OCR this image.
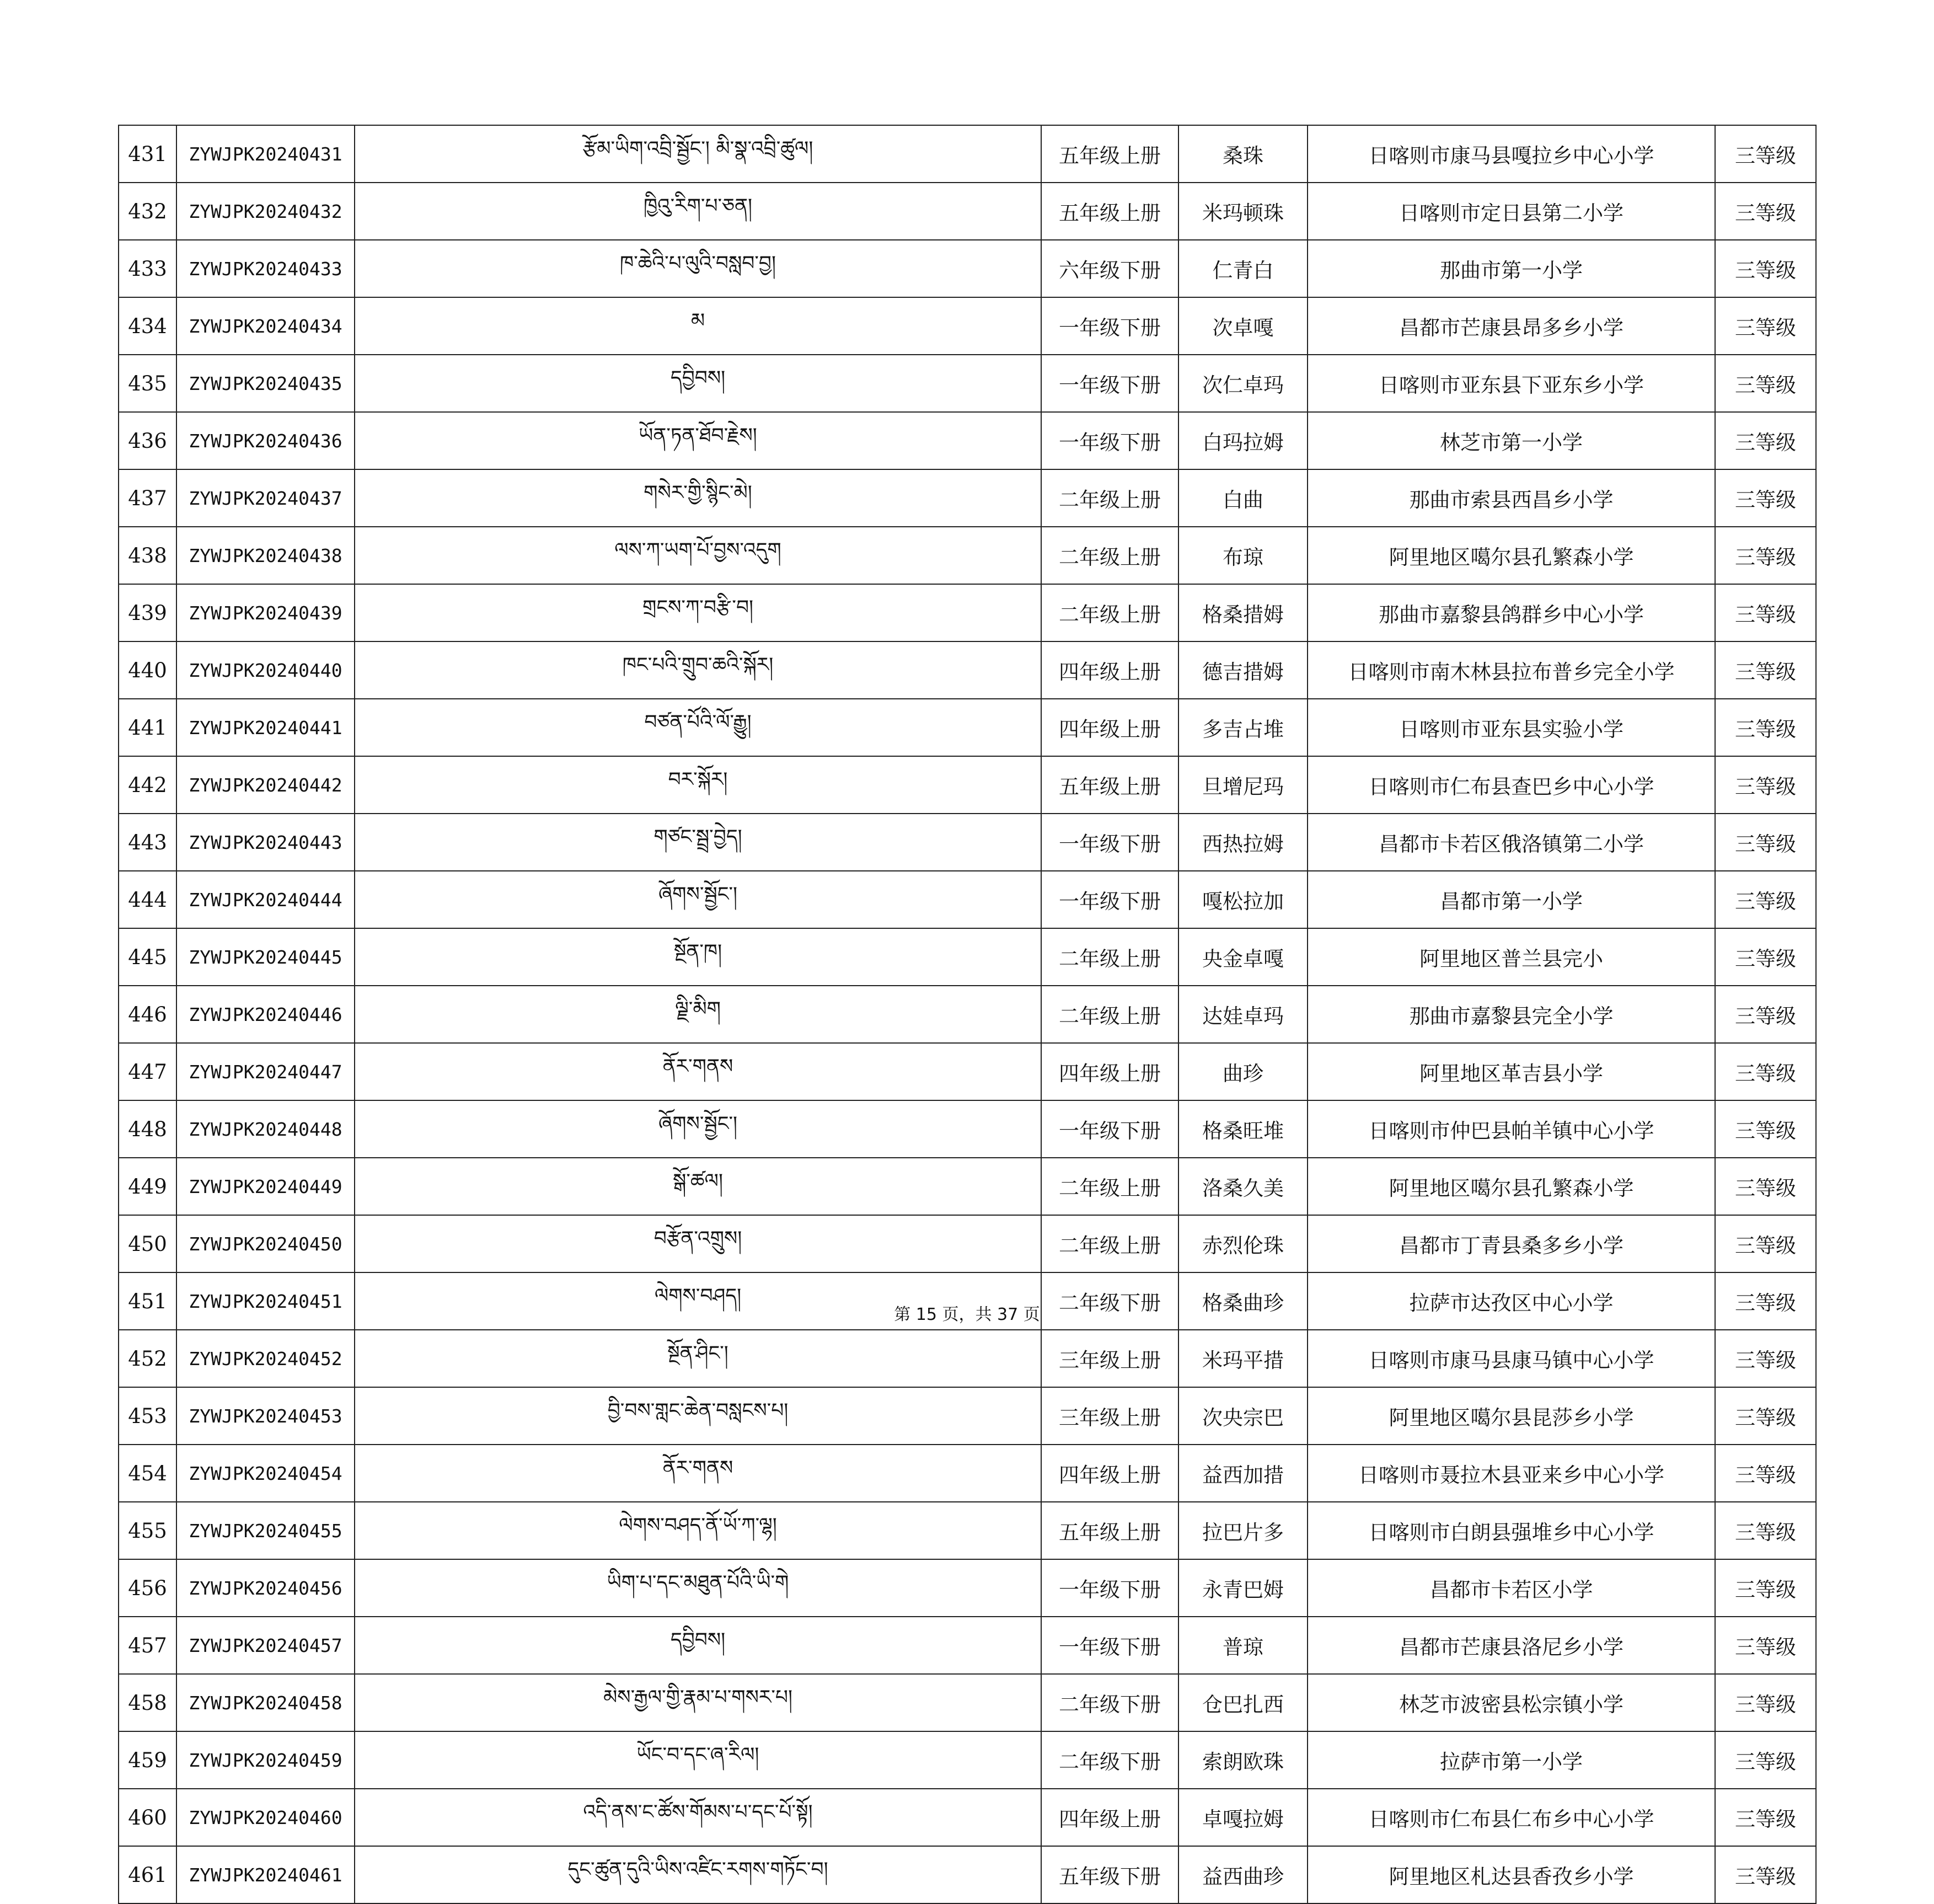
431	ZYWJPK20240431	རྩོམ་ཡིག་འབྲི་སྦྱོང་། མི་སྣ་འབྲི་ཚུལ།	五年级上册	桑珠	日喀则市康马县嘎拉乡中心小学	三等级
432	ZYWJPK20240432	ཁྱིའུ་རིག་པ་ཅན།	五年级上册	米玛顿珠	日喀则市定日县第二小学	三等级
433	ZYWJPK20240433	ཁ་ཆེའི་པ་ལུའི་བསླབ་བྱ།	六年级下册	仁青白	那曲市第一小学	三等级
434	ZYWJPK20240434	མ	一年级下册	次卓嘎	昌都市芒康县昂多乡小学	三等级
435	ZYWJPK20240435	དབྱིབས།	一年级下册	次仁卓玛	日喀则市亚东县下亚东乡小学	三等级
436	ZYWJPK20240436	ཡོན་ཏན་ཐོབ་རྗེས།	一年级下册	白玛拉姆	林芝市第一小学	三等级
437	ZYWJPK20240437	གསེར་གྱི་སྙིང་མེ།	二年级上册	白曲	那曲市索县西昌乡小学	三等级
438	ZYWJPK20240438	ལས་ཀ་ཡག་པོ་བྱས་འདུག	二年级上册	布琼	阿里地区噶尔县孔繁森小学	三等级
439	ZYWJPK20240439	གྲངས་ཀ་བརྩི་བ།	二年级上册	格桑措姆	那曲市嘉黎县鸽群乡中心小学	三等级
440	ZYWJPK20240440	ཁང་པའི་གྲུབ་ཆའི་སྐོར།	四年级上册	德吉措姆	日喀则市南木林县拉布普乡完全小学	三等级
441	ZYWJPK20240441	བཙན་པོའི་ལོ་རྒྱུ།	四年级上册	多吉占堆	日喀则市亚东县实验小学	三等级
442	ZYWJPK20240442	བར་སྐོར།	五年级上册	旦增尼玛	日喀则市仁布县查巴乡中心小学	三等级
443	ZYWJPK20240443	གཙང་སྦྲ་བྱེད།	一年级下册	西热拉姆	昌都市卡若区俄洛镇第二小学	三等级
444	ZYWJPK20240444	ཞོགས་སྦྱོང་།	一年级下册	嘎松拉加	昌都市第一小学	三等级
445	ZYWJPK20240445	སྔོན་ཁ།	二年级上册	央金卓嘎	阿里地区普兰县完小	三等级
446	ZYWJPK20240446	ལྗི་མིག	二年级上册	达娃卓玛	那曲市嘉黎县完全小学	三等级
447	ZYWJPK20240447	ནོར་གནས	四年级上册	曲珍	阿里地区革吉县小学	三等级
448	ZYWJPK20240448	ཞོགས་སྦྱོང་།	一年级下册	格桑旺堆	日喀则市仲巴县帕羊镇中心小学	三等级
449	ZYWJPK20240449	སྒོ་ཚལ།	二年级上册	洛桑久美	阿里地区噶尔县孔繁森小学	三等级
450	ZYWJPK20240450	བརྩོན་འགྲུས།	二年级上册	赤烈伦珠	昌都市丁青县桑多乡小学	三等级
451	ZYWJPK20240451	ལེགས་བཤད།	二年级下册	格桑曲珍	拉萨市达孜区中心小学	三等级
452	ZYWJPK20240452	སྔོན་ཤིང་།	三年级上册	米玛平措	日喀则市康马县康马镇中心小学	三等级
453	ZYWJPK20240453	བྱི་བས་གླང་ཆེན་བསླངས་པ།	三年级上册	次央宗巴	阿里地区噶尔县昆莎乡小学	三等级
454	ZYWJPK20240454	ནོར་གནས	四年级上册	益西加措	日喀则市聂拉木县亚来乡中心小学	三等级
455	ZYWJPK20240455	ལེགས་བཤད་ནོ་ཡོ་ཀ་ལྷ།	五年级上册	拉巴片多	日喀则市白朗县强堆乡中心小学	三等级
456	ZYWJPK20240456	ཡིག་པ་དང་མཐུན་པོའི་ཡི་གེ	一年级下册	永青巴姆	昌都市卡若区小学	三等级
457	ZYWJPK20240457	དབྱིབས།	一年级下册	普琼	昌都市芒康县洛尼乡小学	三等级
458	ZYWJPK20240458	མེས་རྒྱལ་གྱི་རྣམ་པ་གསར་པ།	二年级下册	仓巴扎西	林芝市波密县松宗镇小学	三等级
459	ZYWJPK20240459	ཡོང་བ་དང་ཞ་རིལ།	二年级下册	索朗欧珠	拉萨市第一小学	三等级
460	ZYWJPK20240460	འདི་ནས་ང་ཚོས་གོམས་པ་དང་པོ་སྟོ།	四年级上册	卓嘎拉姆	日喀则市仁布县仁布乡中心小学	三等级
461	ZYWJPK20240461	དུང་ཚུན་དུའི་ཡིས་འཛིང་རགས་གཏོང་བ།	五年级下册	益西曲珍	阿里地区札达县香孜乡小学	三等级
第 15 页，共 37 页
